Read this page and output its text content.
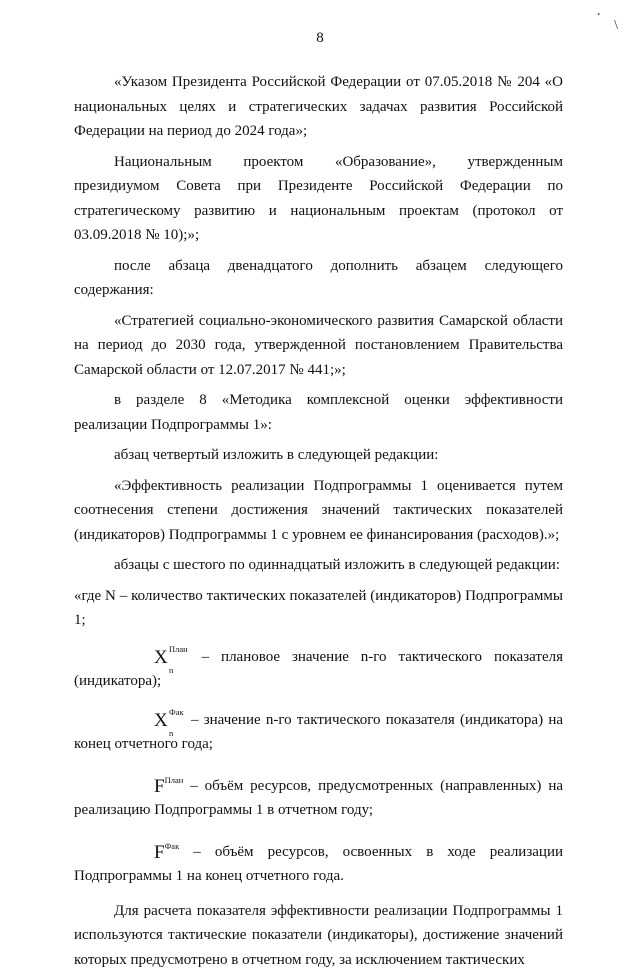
\
•
8

«Указом Президента Российской Федерации от 07.05.2018 № 204 «О национальных целях и стратегических задачах развития Российской Федерации на период до 2024 года»;

Национальным проектом «Образование», утвержденным президиумом Совета при Президенте Российской Федерации по стратегическому развитию и национальным проектам (протокол от 03.09.2018 № 10);»;

после абзаца двенадцатого дополнить абзацем следующего содержания:

«Стратегией социально-экономического развития Самарской области на период до 2030 года, утвержденной постановлением Правительства Самарской области от 12.07.2017 № 441;»;

в разделе 8 «Методика комплексной оценки эффективности реализации Подпрограммы 1»:

абзац четвертый изложить в следующей редакции:

«Эффективность реализации Подпрограммы 1 оценивается путем соотнесения степени достижения значений тактических показателей (индикаторов) Подпрограммы 1 с уровнем ее финансирования (расходов).»;

абзацы с шестого по одиннадцатый изложить в следующей редакции:

«где N – количество тактических показателей (индикаторов) Подпрограммы 1;

X План
n
– плановое значение n-го тактического показателя (индикатора);

X Фак
n
– значение n-го тактического показателя (индикатора) на конец отчетного года;

$F^{План}$ – объём ресурсов, предусмотренных (направленных) на реализацию Подпрограммы 1 в отчетном году;

$F^{Фак}$ – объём ресурсов, освоенных в ходе реализации Подпрограммы 1 на конец отчетного года.

Для расчета показателя эффективности реализации Подпрограммы 1 используются тактические показатели (индикаторы), достижение значений которых предусмотрено в отчетном году, за исключением тактических
